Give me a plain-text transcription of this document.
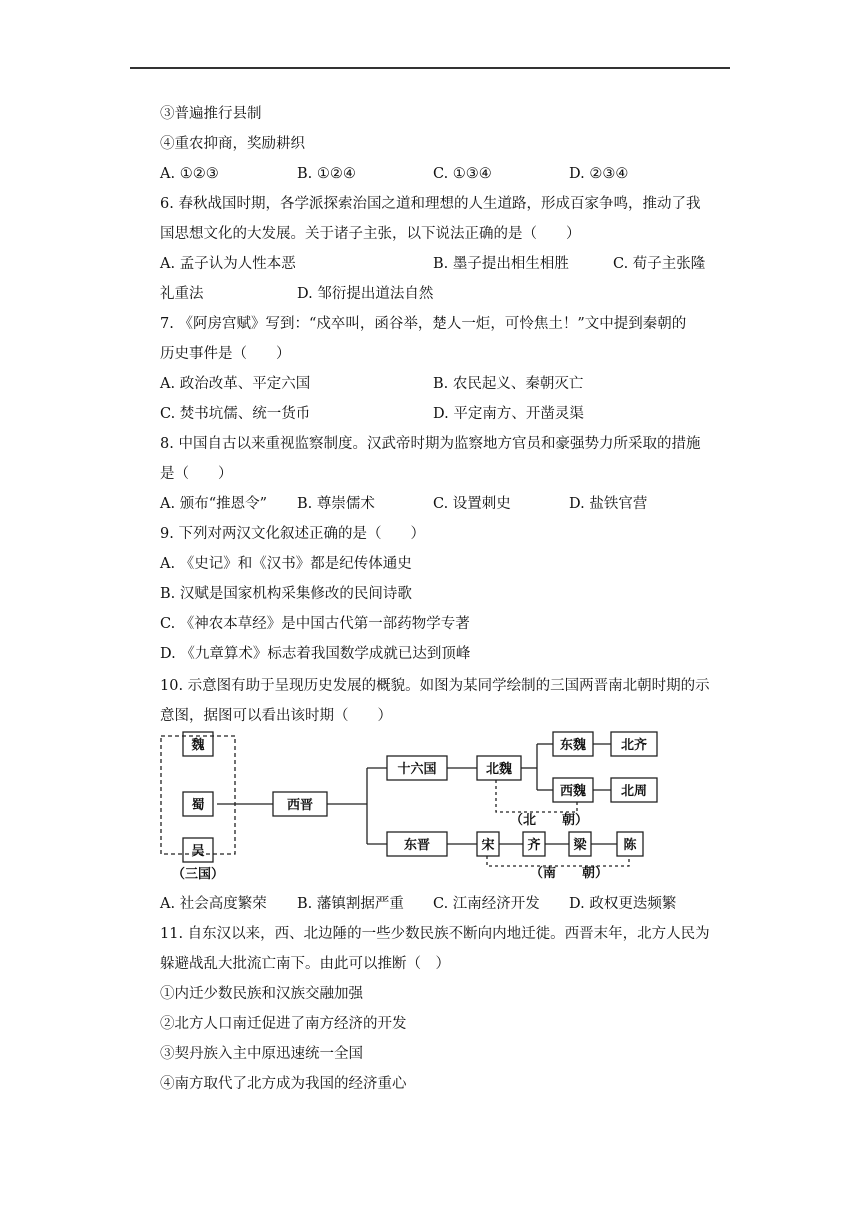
③普遍推行县制
④重农抑商，奖励耕织
A. ①②③	B. ①②④	C. ①③④	D. ②③④
6. 春秋战国时期，各学派探索治国之道和理想的人生道路，形成百家争鸣，推动了我
国思想文化的大发展。关于诸子主张，以下说法正确的是（　　）
A. 孟子认为人性本恶	B. 墨子提出相生相胜	C. 荀子主张隆
礼重法	D. 邹衍提出道法自然
7. 《阿房宫赋》写到：“戍卒叫，函谷举，楚人一炬，可怜焦土！”文中提到秦朝的
历史事件是（　　）
A. 政治改革、平定六国	B. 农民起义、秦朝灭亡
C. 焚书坑儒、统一货币	D. 平定南方、开凿灵渠
8. 中国自古以来重视监察制度。汉武帝时期为监察地方官员和豪强势力所采取的措施
是（　　）
A. 颁布“推恩令” B. 尊崇儒术	C. 设置刺史	D. 盐铁官营
9. 下列对两汉文化叙述正确的是（　　）
A. 《史记》和《汉书》都是纪传体通史
B. 汉赋是国家机构采集修改的民间诗歌
C. 《神农本草经》是中国古代第一部药物学专著
D. 《九章算术》标志着我国数学成就已达到顶峰
10. 示意图有助于呈现历史发展的概貌。如图为某同学绘制的三国两晋南北朝时期的示
意图，据图可以看出该时期（　　）
魏
蜀
吴
西晋
十六国	北魏
东魏	北齐
西魏	北周
东晋	宋	齐	梁	陈
（三国）
（北　　朝）
（南　　朝）
A. 社会高度繁荣 B. 藩镇割据严重 C. 江南经济开发 D. 政权更迭频繁
11. 自东汉以来，西、北边陲的一些少数民族不断向内地迁徙。西晋末年，北方人民为
躲避战乱大批流亡南下。由此可以推断（　）
①内迁少数民族和汉族交融加强
②北方人口南迁促进了南方经济的开发
③契丹族入主中原迅速统一全国
④南方取代了北方成为我国的经济重心
